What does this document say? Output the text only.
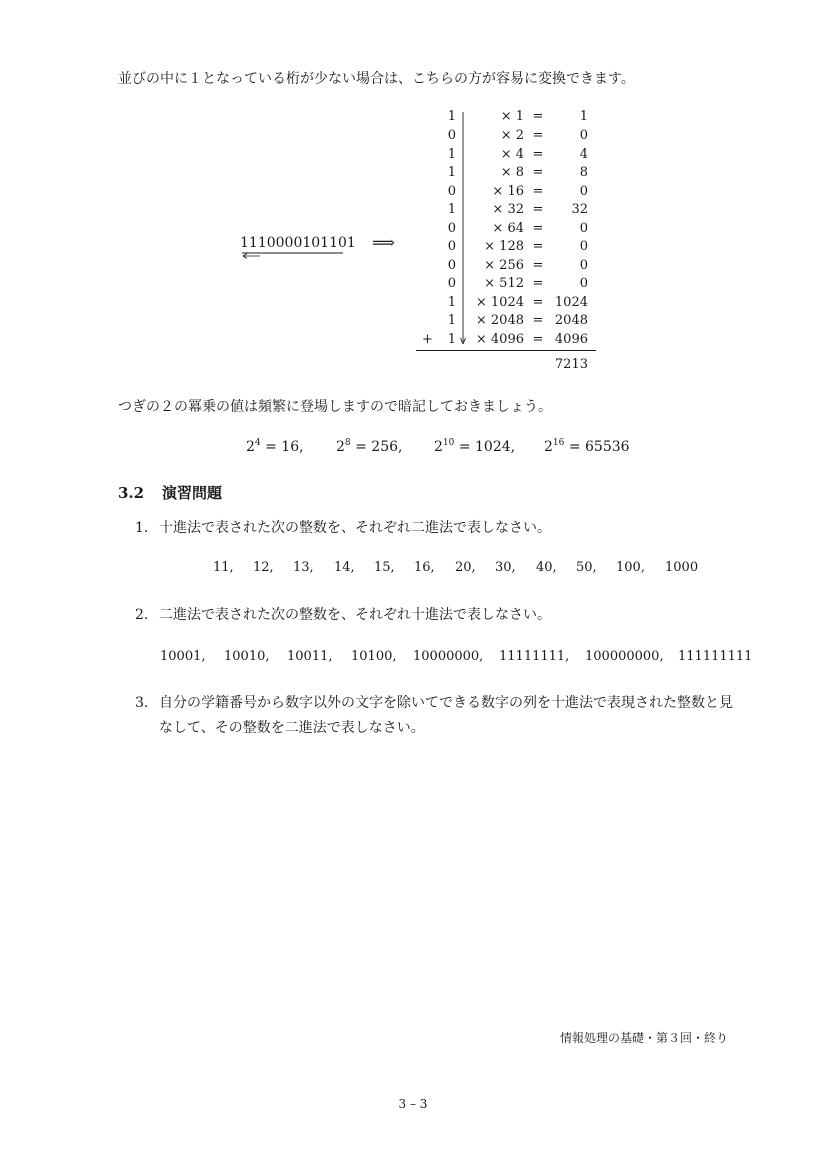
並びの中に１となっている桁が少ない場合は、こちらの方が容易に変換できます。
1110000101101 ⟹
1	× 1 =	1
0	× 2 =	0
1	× 4 =	4
1	× 8 =	8
0	× 16 =	0
1	× 32 =	32
0	× 64 =	0
0	× 128 =	0
0	× 256 =	0
0	× 512 =	0
1	× 1024 = 1024
1	× 2048 = 2048
1	× 4096 = 4096
+
7213
つぎの２の冪乗の値は頻繁に登場しますので暗記しておきましょう。
$2^4 = 16$, $2^8 = 256$, $2^{10} = 1024$, $2^{16} = 65536$
3.2 演習問題
1. 十進法で表された次の整数を、それぞれ二進法で表しなさい。
11, 12, 13, 14, 15, 16, 20, 30, 40, 50, 100, 1000
2. 二進法で表された次の整数を、それぞれ十進法で表しなさい。
10001, 10010, 10011, 10100, 10000000, 11111111, 100000000, 111111111
3. 自分の学籍番号から数字以外の文字を除いてできる数字の列を十進法で表現された整数と見
なして、その整数を二進法で表しなさい。
情報処理の基礎・第３回・終り
3 – 3
